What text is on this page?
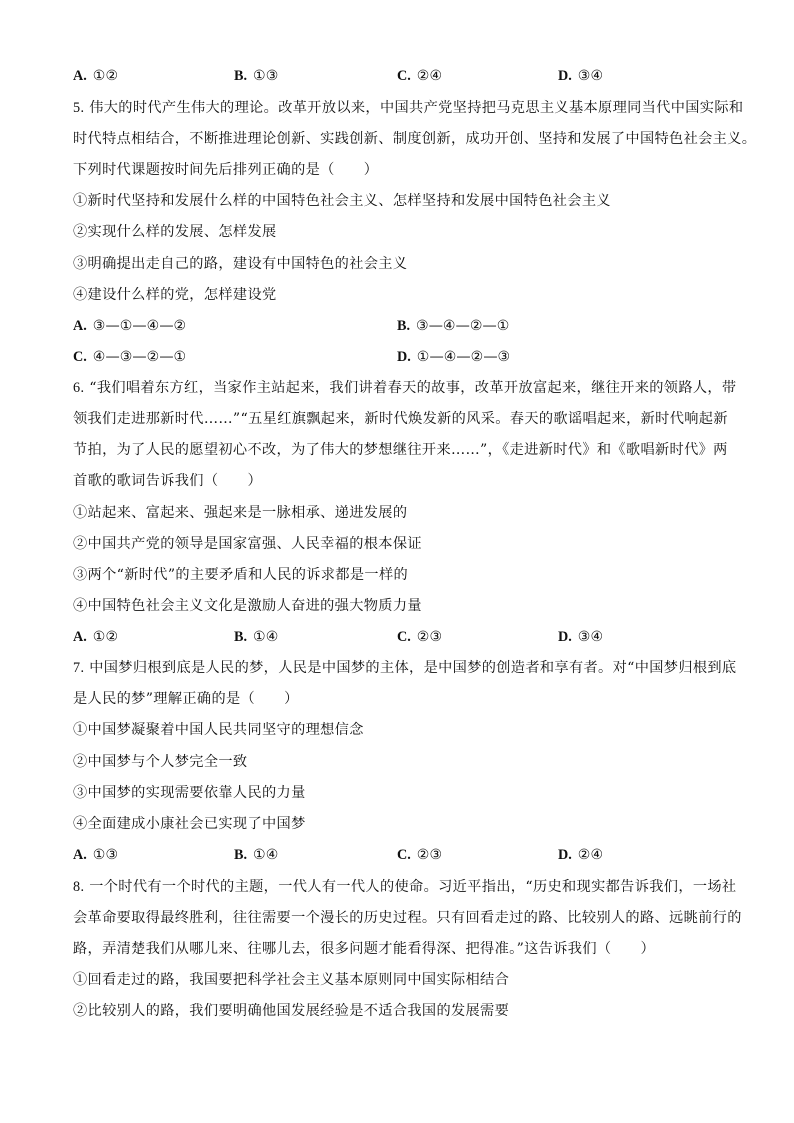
A. ①②	B. ①③	C. ②④	D. ③④
5. 伟大的时代产生伟大的理论。改革开放以来，中国共产党坚持把马克思主义基本原理同当代中国实际和
时代特点相结合，不断推进理论创新、实践创新、制度创新，成功开创、坚持和发展了中国特色社会主义。
下列时代课题按时间先后排列正确的是（　　）
①新时代坚持和发展什么样的中国特色社会主义、怎样坚持和发展中国特色社会主义
②实现什么样的发展、怎样发展
③明确提出走自己的路，建设有中国特色的社会主义
④建设什么样的党，怎样建设党
A. ③—①—④—②	B. ③—④—②—①
C. ④—③—②—①	D. ①—④—②—③
6. “我们唱着东方红，当家作主站起来，我们讲着春天的故事，改革开放富起来，继往开来的领路人，带
领我们走进那新时代……”“五星红旗飘起来，新时代焕发新的风采。春天的歌谣唱起来，新时代响起新
节拍，为了人民的愿望初心不改，为了伟大的梦想继往开来……”，《走进新时代》和《歌唱新时代》两
首歌的歌词告诉我们（　　）
①站起来、富起来、强起来是一脉相承、递进发展的
②中国共产党的领导是国家富强、人民幸福的根本保证
③两个“新时代”的主要矛盾和人民的诉求都是一样的
④中国特色社会主义文化是激励人奋进的强大物质力量
A. ①②	B. ①④	C. ②③	D. ③④
7. 中国梦归根到底是人民的梦，人民是中国梦的主体，是中国梦的创造者和享有者。对“中国梦归根到底
是人民的梦”理解正确的是（　　）
①中国梦凝聚着中国人民共同坚守的理想信念
②中国梦与个人梦完全一致
③中国梦的实现需要依靠人民的力量
④全面建成小康社会已实现了中国梦
A. ①③	B. ①④	C. ②③	D. ②④
8. 一个时代有一个时代的主题，一代人有一代人的使命。习近平指出，“历史和现实都告诉我们，一场社
会革命要取得最终胜利，往往需要一个漫长的历史过程。只有回看走过的路、比较别人的路、远眺前行的
路，弄清楚我们从哪儿来、往哪儿去，很多问题才能看得深、把得准。”这告诉我们（　　）
①回看走过的路，我国要把科学社会主义基本原则同中国实际相结合
②比较别人的路，我们要明确他国发展经验是不适合我国的发展需要
